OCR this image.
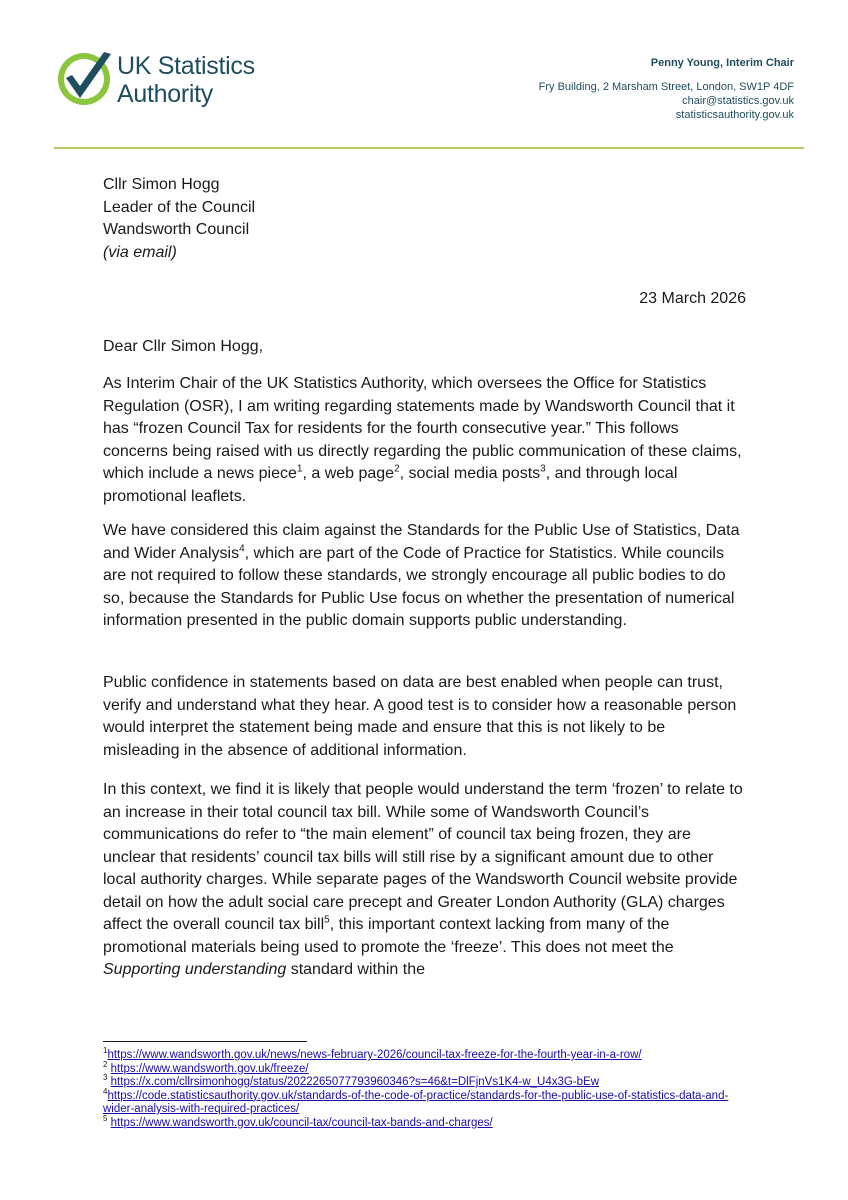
UK Statistics
Authority
Penny Young, Interim Chair
Fry Building, 2 Marsham Street, London, SW1P 4DF
chair@statistics.gov.uk
statisticsauthority.gov.uk
Cllr Simon Hogg
Leader of the Council
Wandsworth Council
(via email)
23 March 2026
Dear Cllr Simon Hogg,

As Interim Chair of the UK Statistics Authority, which oversees the Office for Statistics Regulation (OSR), I am writing regarding statements made by Wandsworth Council that it has “frozen Council Tax for residents for the fourth consecutive year.” This follows concerns being raised with us directly regarding the public communication of these claims, which include a news piece$^1$, a web page$^2$, social media posts$^3$, and through local promotional leaflets.

We have considered this claim against the Standards for the Public Use of Statistics, Data and Wider Analysis$^4$, which are part of the Code of Practice for Statistics. While councils are not required to follow these standards, we strongly encourage all public bodies to do so, because the Standards for Public Use focus on whether the presentation of numerical information presented in the public domain supports public understanding.

Public confidence in statements based on data are best enabled when people can trust, verify and understand what they hear. A good test is to consider how a reasonable person would interpret the statement being made and ensure that this is not likely to be misleading in the absence of additional information.

In this context, we find it is likely that people would understand the term ‘frozen’ to relate to an increase in their total council tax bill. While some of Wandsworth Council’s communications do refer to “the main element” of council tax being frozen, they are unclear that residents’ council tax bills will still rise by a significant amount due to other local authority charges. While separate pages of the Wandsworth Council website provide detail on how the adult social care precept and Greater London Authority (GLA) charges affect the overall council tax bill$^5$, this important context lacking from many of the promotional materials being used to promote the ‘freeze’. This does not meet the Supporting understanding standard within the

$^1$https://www.wandsworth.gov.uk/news/news-february-2026/council-tax-freeze-for-the-fourth-year-in-a-row/
$^2$ https://www.wandsworth.gov.uk/freeze/
$^3$ https://x.com/cllrsimonhogg/status/2022265077793960346?s=46&t=DlFjnVs1K4-w_U4x3G-bEw
$^4$https://code.statisticsauthority.gov.uk/standards-of-the-code-of-practice/standards-for-the-public-use-of-statistics-data-and-wider-analysis-with-required-practices/
$^5$ https://www.wandsworth.gov.uk/council-tax/council-tax-bands-and-charges/
